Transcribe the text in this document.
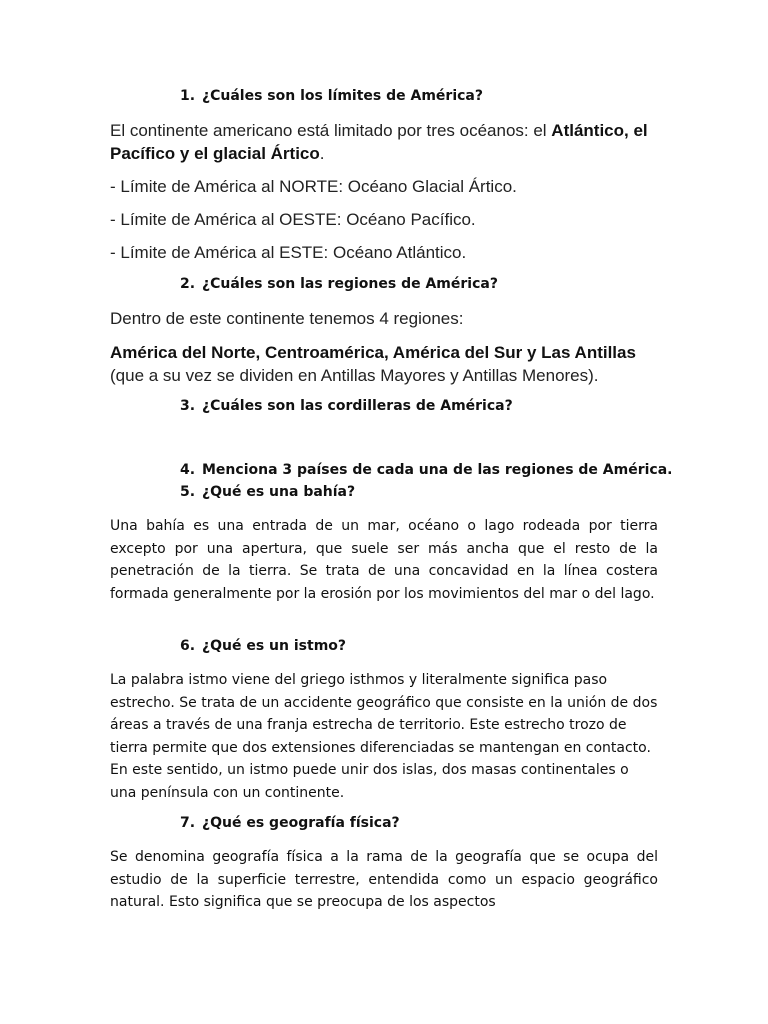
1. ¿Cuáles son los límites de América?
El continente americano está limitado por tres océanos: el Atlántico, el Pacífico y el glacial Ártico.
- Límite de América al NORTE: Océano Glacial Ártico.
- Límite de América al OESTE: Océano Pacífico.
- Límite de América al ESTE: Océano Atlántico.
2. ¿Cuáles son las regiones de América?
Dentro de este continente tenemos 4 regiones:
América del Norte, Centroamérica, América del Sur y Las Antillas (que a su vez se dividen en Antillas Mayores y Antillas Menores).
3. ¿Cuáles son las cordilleras de América?
4. Menciona 3 países de cada una de las regiones de América.
5. ¿Qué es una bahía?
Una bahía es una entrada de un mar, océano o lago rodeada por tierra excepto por una apertura, que suele ser más ancha que el resto de la penetración de la tierra. Se trata de una concavidad en la línea costera formada generalmente por la erosión por los movimientos del mar o del lago.
6. ¿Qué es un istmo?
La palabra istmo viene del griego isthmos y literalmente significa paso estrecho. Se trata de un accidente geográfico que consiste en la unión de dos áreas a través de una franja estrecha de territorio. Este estrecho trozo de tierra permite que dos extensiones diferenciadas se mantengan en contacto. En este sentido, un istmo puede unir dos islas, dos masas continentales o una península con un continente.
7. ¿Qué es geografía física?
Se denomina geografía física a la rama de la geografía que se ocupa del estudio de la superficie terrestre, entendida como un espacio geográfico natural. Esto significa que se preocupa de los aspectos
